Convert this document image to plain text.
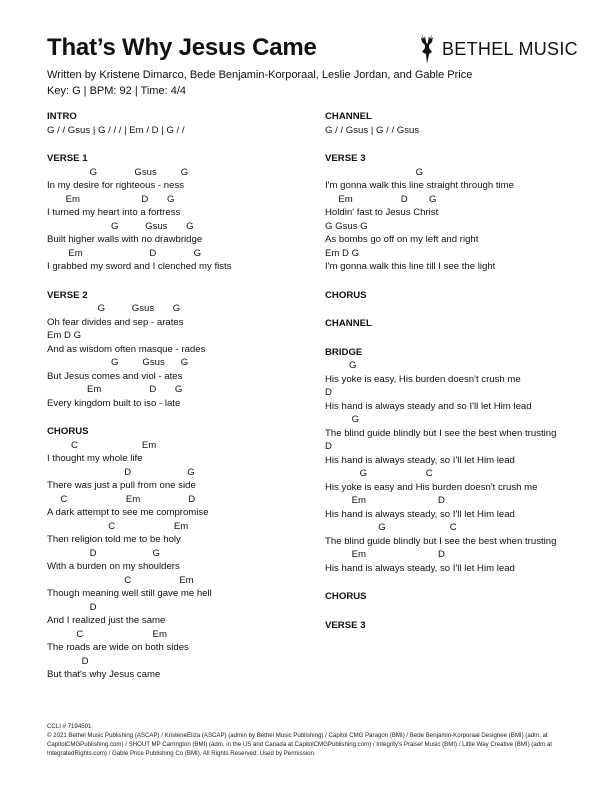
That’s Why Jesus Came	BETHEL MUSIC
Written by Kristene Dimarco, Bede Benjamin-Korporaal, Leslie Jordan, and Gable Price
Key: G | BPM: 92 | Time: 4/4
INTRO
G / / Gsus | G / / / | Em / D | G / /
VERSE 1
G              Gsus         G
In my desire for righteous - ness
Em                       D       G
I turned my heart into a fortress
G          Gsus       G
Built higher walls with no drawbridge
Em                         D              G
I grabbed my sword and I clenched my fists
VERSE 2
G          Gsus       G
Oh fear divides and sep - arates
Em D G
And as wisdom often masque - rades
G         Gsus      G
But Jesus comes and viol - ates
Em                  D       G
Every kingdom built to iso - late
CHORUS
C                        Em
I thought my whole life
D                     G
There was just a pull from one side
C                      Em                  D
A dark attempt to see me compromise
C                      Em
Then religion told me to be holy
D                     G
With a burden on my shoulders
C                  Em
Though meaning well still gave me hell
D
And I realized just the same
C                          Em
The roads are wide on both sides
D
But that's why Jesus came
CHANNEL
G / / Gsus | G / / Gsus
VERSE 3
G
I'm gonna walk this line straight through time
Em                  D        G
Holdin' fast to Jesus Christ
G Gsus G
As bombs go off on my left and right
Em D G
I'm gonna walk this line till I see the light
CHORUS
CHANNEL
BRIDGE
G
His yoke is easy, His burden doesn't crush me
D
His hand is always steady and so I'll let Him lead
G
The blind guide blindly but I see the best when trusting
D
His hand is always steady, so I'll let Him lead
G                      C
His yoke is easy and His burden doesn't crush me
Em                           D
His hand is always steady, so I'll let Him lead
G                        C
The blind guide blindly but I see the best when trusting
Em                           D
His hand is always steady, so I'll let Him lead
CHORUS
VERSE 3
CCLI # 7194501
© 2021 Bethel Music Publishing (ASCAP) / KristeneEliza (ASCAP) (admin by Bethel Music Publishing) / Capitol CMG Paragon (BMI) / Bede Benjamin-Korporaal Designee (BMI) (adm. at CapitolCMGPublishing.com) / SHOUT MP Carrington (BMI) (adm. in the US and Canada at CapitolCMGPublishing.com) / Integrity's Praise! Music (BMI) / Little Way Creative (BMI) (adm at IntegratedRights.com) / Gable Price Publishing Co (BMI). All Rights Reserved. Used by Permission.
